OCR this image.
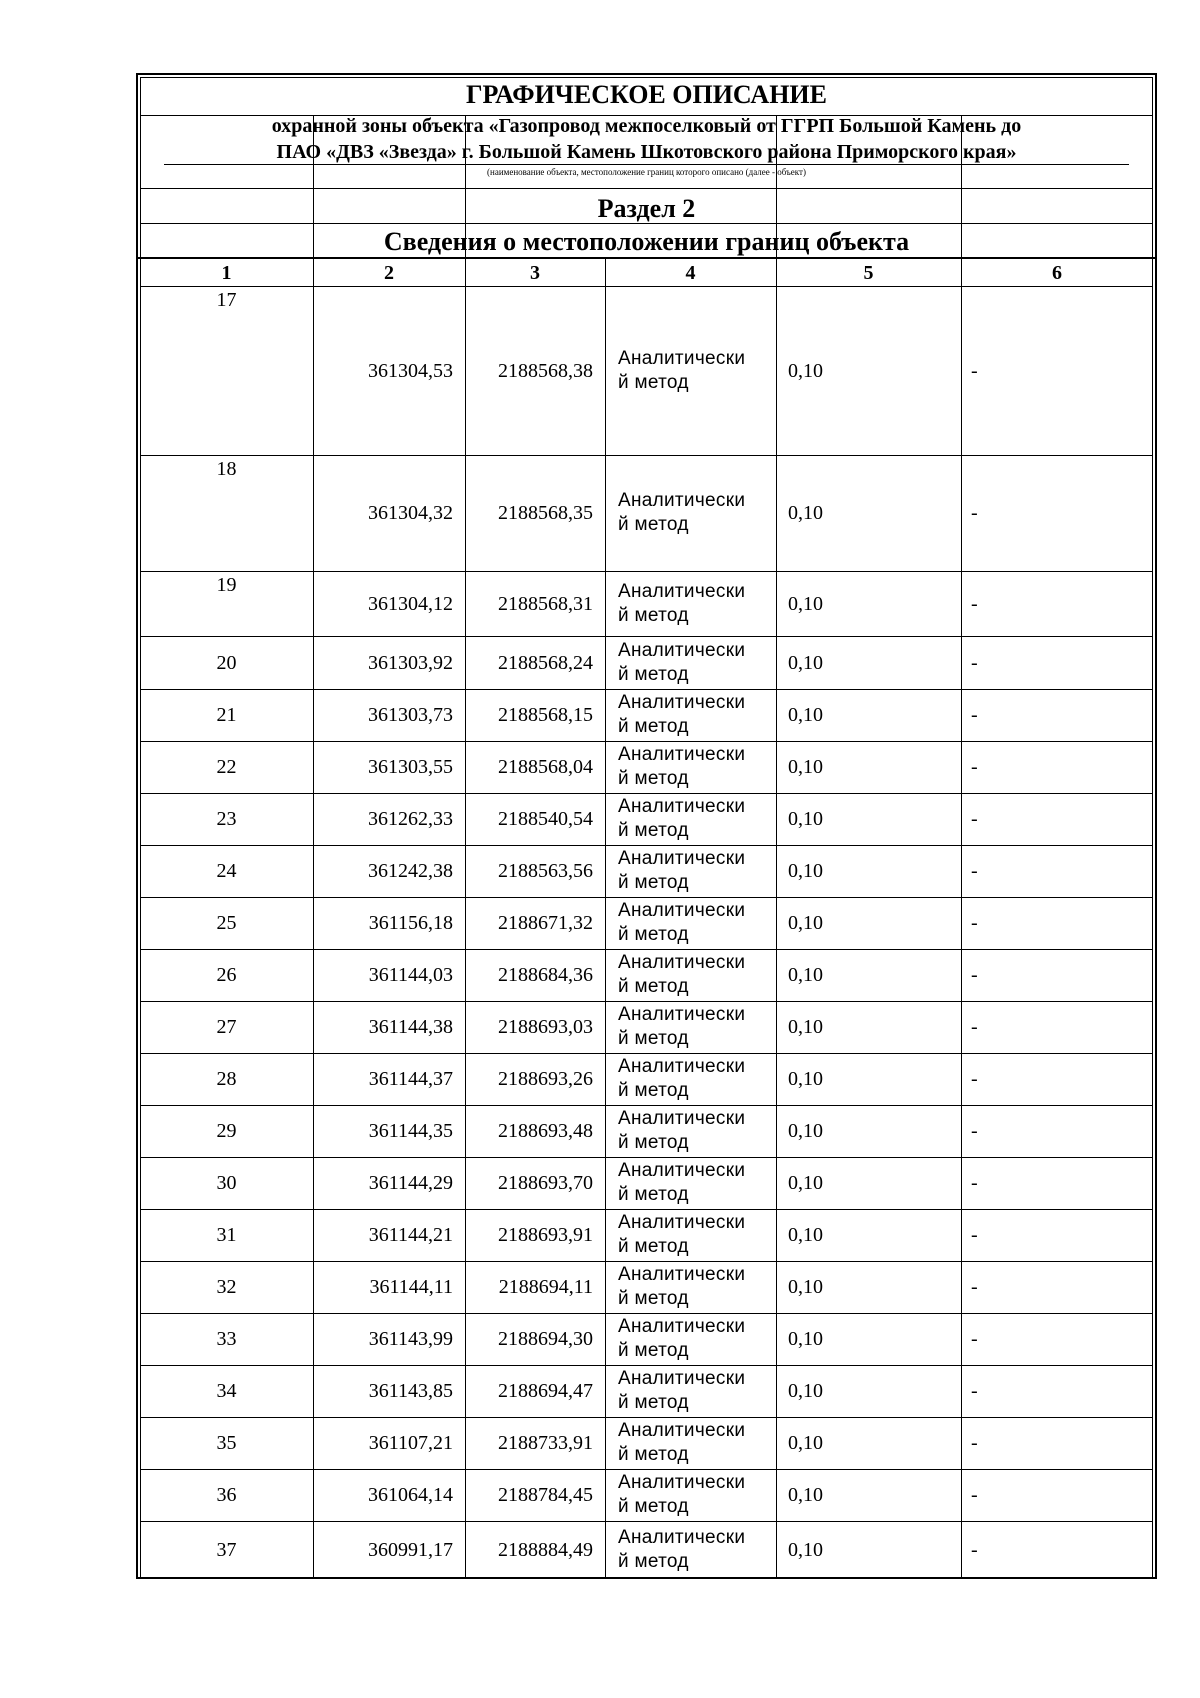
ГРАФИЧЕСКОЕ ОПИСАНИЕ
охранной зоны объекта «Газопровод межпоселковый от ГГРП Большой Камень до
ПАО «ДВЗ «Звезда» г. Большой Камень Шкотовского района Приморского края»
(наименование объекта, местоположение границ которого описано (далее - объект)
Раздел 2
Сведения о местоположении границ объекта
1	2	3	4	5	6
17
361304,53	2188568,38
Аналитически
й метод
0,10	-
18
361304,32	2188568,35
Аналитически
й метод
0,10	-
19
361304,12	2188568,31
Аналитически
й метод
0,10	-
20	361303,92	2188568,24
Аналитически
й метод
0,10	-
21	361303,73	2188568,15
Аналитически
й метод
0,10	-
22	361303,55	2188568,04
Аналитически
й метод
0,10	-
23	361262,33	2188540,54
Аналитически
й метод
0,10	-
24	361242,38	2188563,56
Аналитически
й метод
0,10	-
25	361156,18	2188671,32
Аналитически
й метод
0,10	-
26	361144,03	2188684,36
Аналитически
й метод
0,10	-
27	361144,38	2188693,03
Аналитически
й метод
0,10	-
28	361144,37	2188693,26
Аналитически
й метод
0,10	-
29	361144,35	2188693,48
Аналитически
й метод
0,10	-
30	361144,29	2188693,70
Аналитически
й метод
0,10	-
31	361144,21	2188693,91
Аналитически
й метод
0,10	-
32	361144,11	2188694,11
Аналитически
й метод
0,10	-
33	361143,99	2188694,30
Аналитически
й метод
0,10	-
34	361143,85	2188694,47
Аналитически
й метод
0,10	-
35	361107,21	2188733,91
Аналитически
й метод
0,10	-
36	361064,14	2188784,45
Аналитически
й метод
0,10	-
37	360991,17	2188884,49
Аналитически
й метод
0,10	-
